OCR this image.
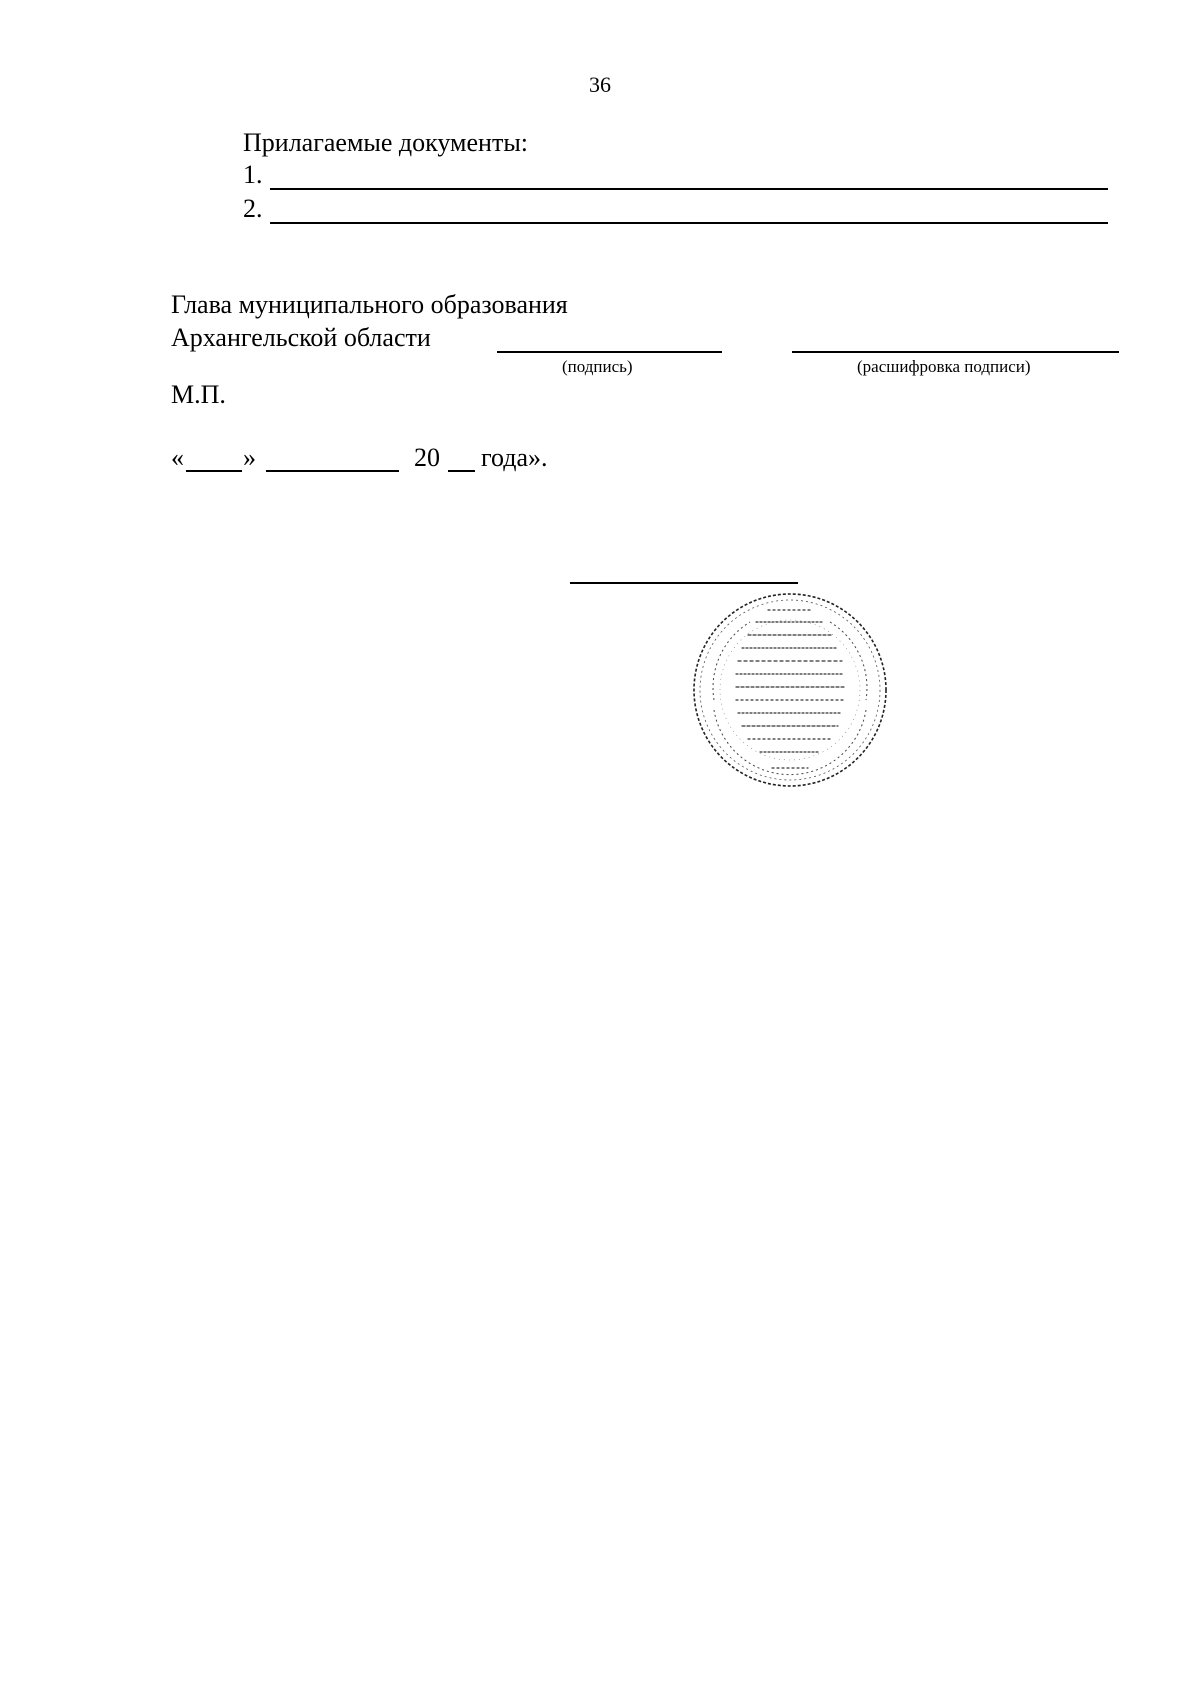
36
Прилагаемые документы:
1.
2.
Глава муниципального образования
Архангельской области
(подпись)	(расшифровка подписи)
М.П.
« »	20 года».
